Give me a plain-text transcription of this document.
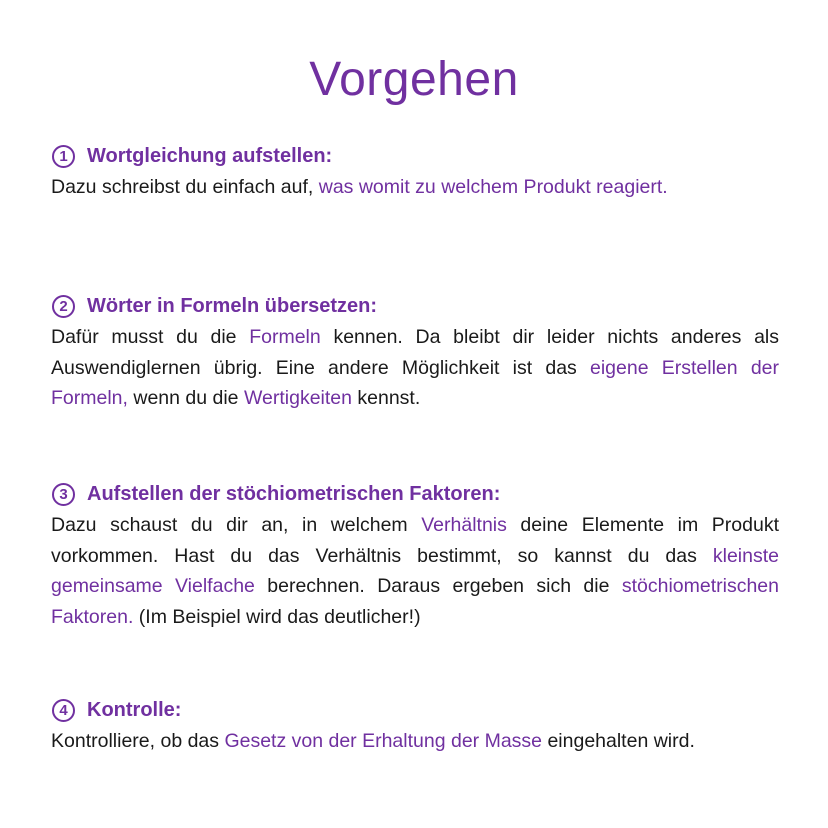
Vorgehen
1 Wortgleichung aufstellen:
Dazu schreibst du einfach auf, was womit zu welchem Produkt reagiert.
2 Wörter in Formeln übersetzen:
Dafür musst du die Formeln kennen. Da bleibt dir leider nichts anderes als Auswendiglernen übrig. Eine andere Möglichkeit ist das eigene Erstellen der Formeln, wenn du die Wertigkeiten kennst.
3 Aufstellen der stöchiometrischen Faktoren:
Dazu schaust du dir an, in welchem Verhältnis deine Elemente im Produkt vorkommen. Hast du das Verhältnis bestimmt, so kannst du das kleinste gemeinsame Vielfache berechnen. Daraus ergeben sich die stöchiometrischen Faktoren. (Im Beispiel wird das deutlicher!)
4 Kontrolle:
Kontrolliere, ob das Gesetz von der Erhaltung der Masse eingehalten wird.
